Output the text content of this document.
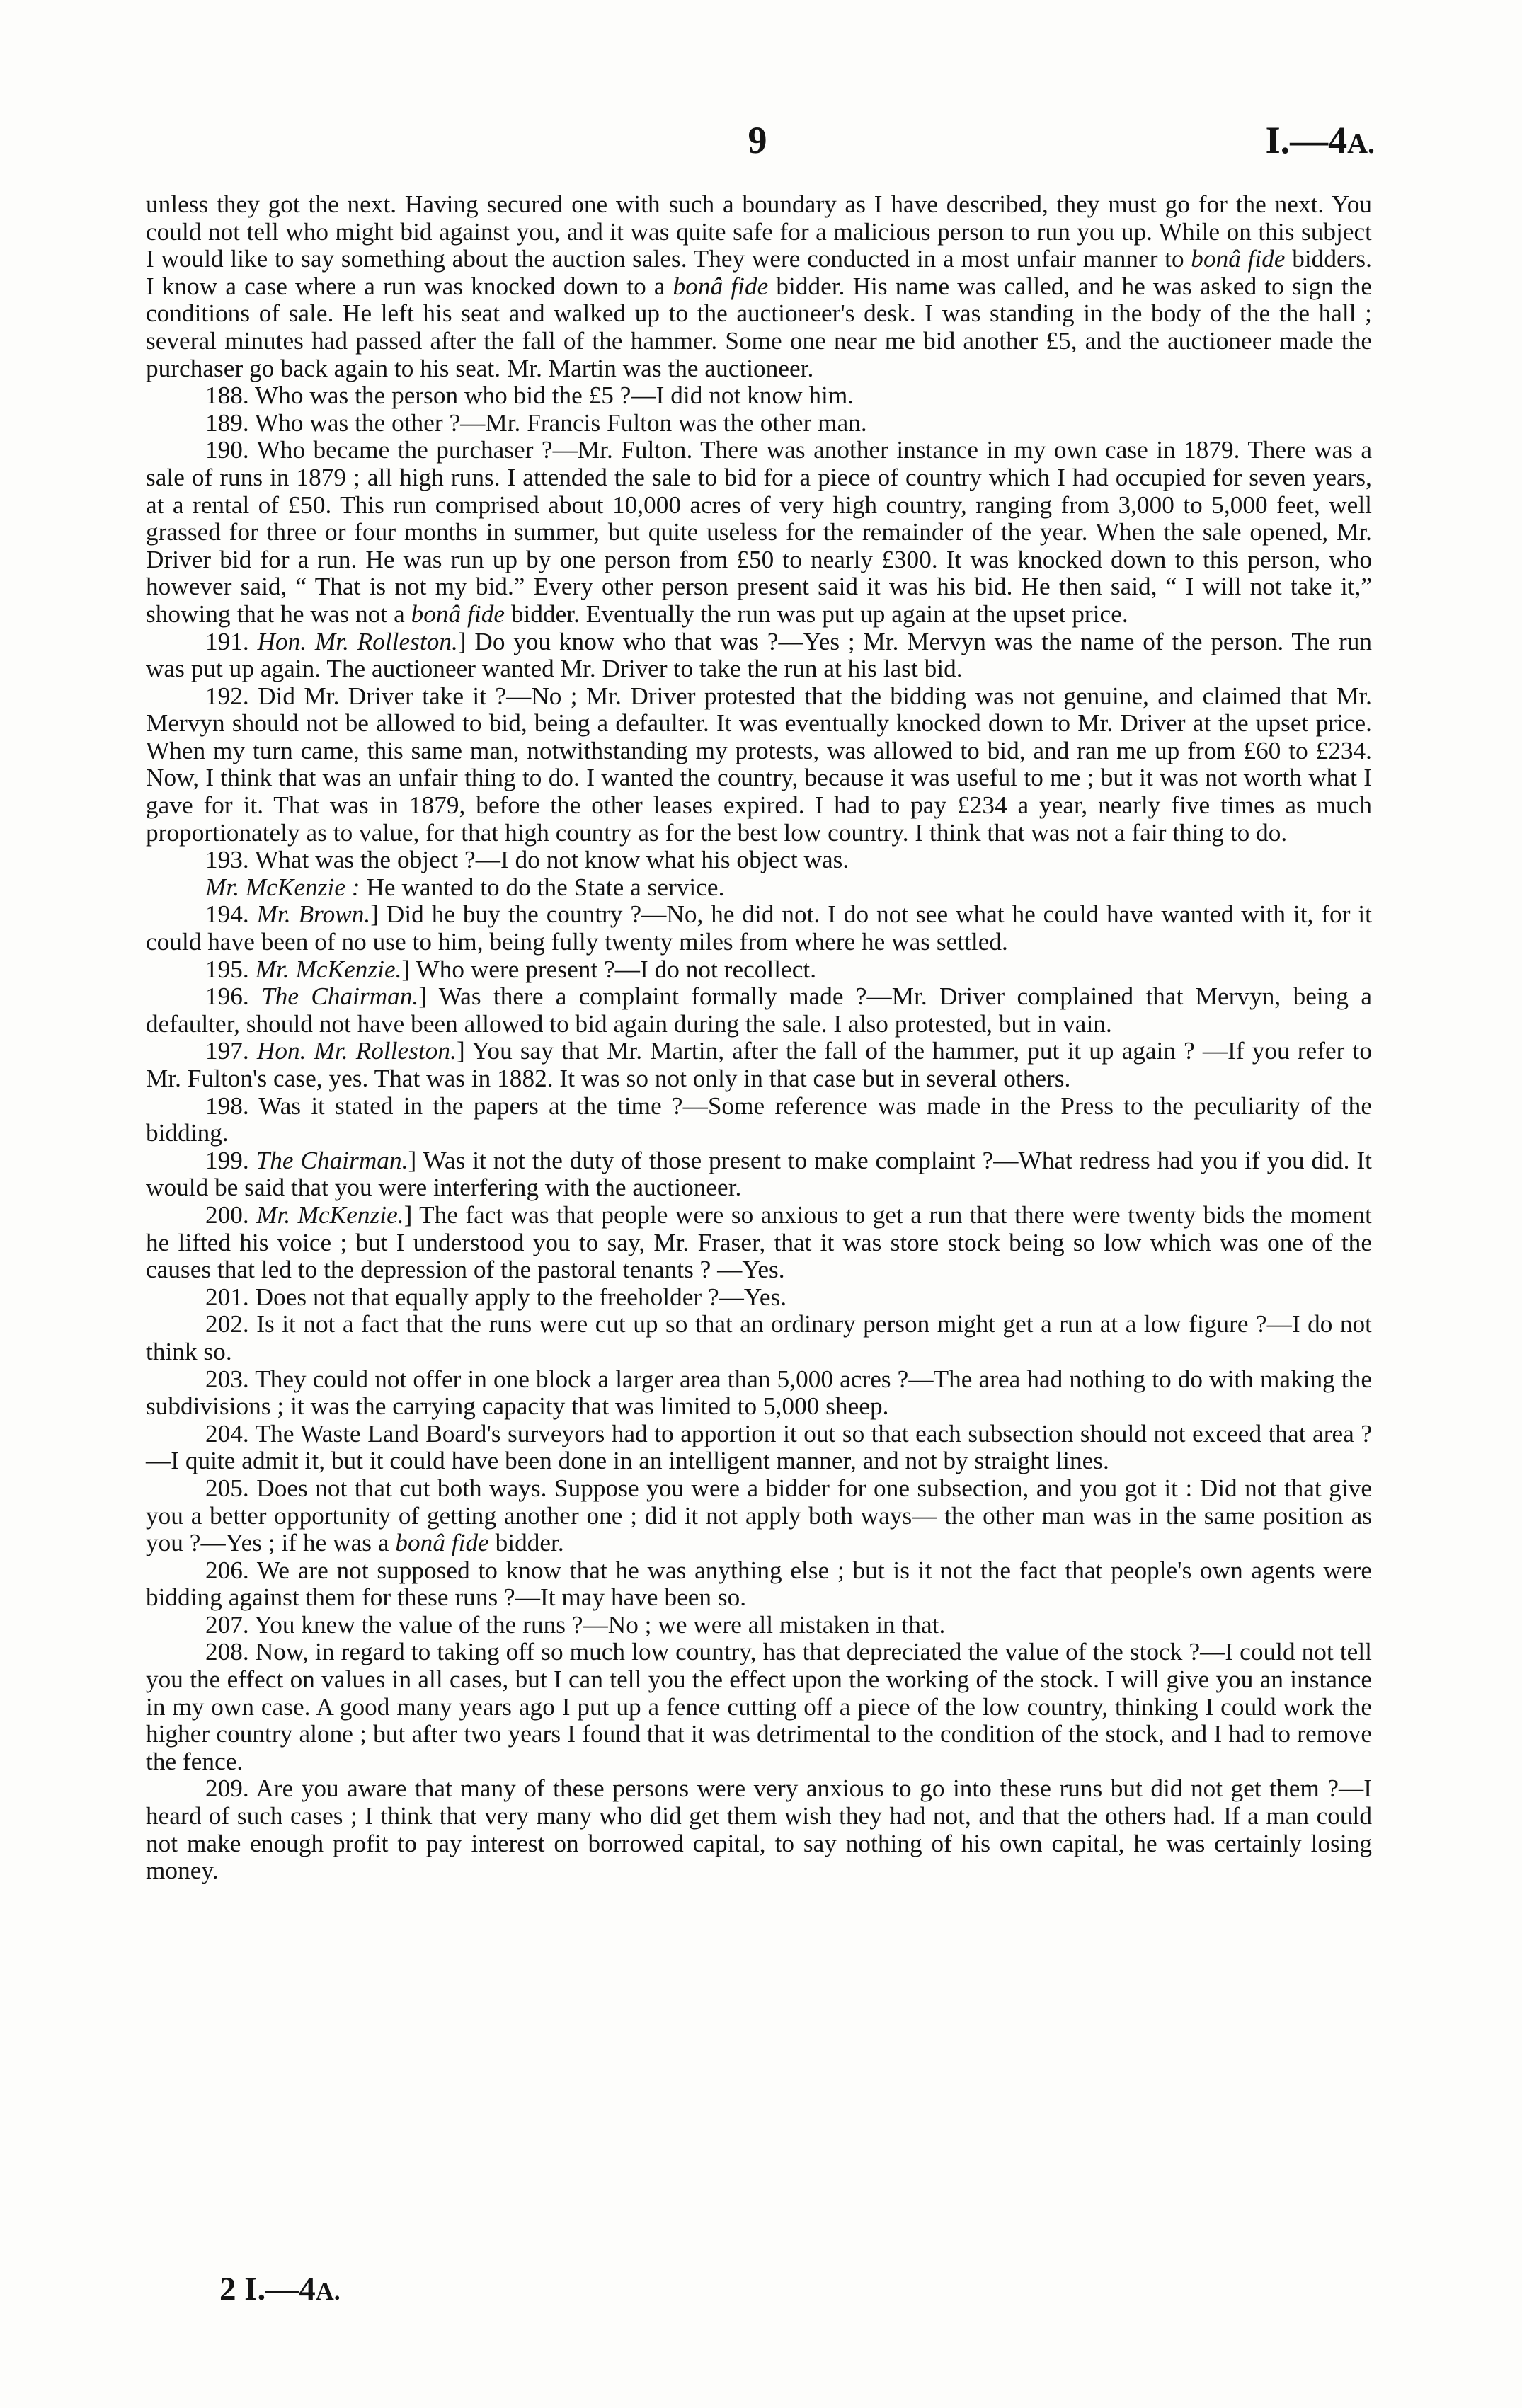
9	I.—4A.

unless they got the next. Having secured one with such a boundary as I have described, they must go for the next. You could not tell who might bid against you, and it was quite safe for a malicious person to run you up. While on this subject I would like to say something about the auction sales. They were conducted in a most unfair manner to bonâ fide bidders. I know a case where a run was knocked down to a bonâ fide bidder. His name was called, and he was asked to sign the conditions of sale. He left his seat and walked up to the auctioneer's desk. I was standing in the body of the the hall ; several minutes had passed after the fall of the hammer. Some one near me bid another £5, and the auctioneer made the purchaser go back again to his seat. Mr. Martin was the auctioneer.

188. Who was the person who bid the £5 ?—I did not know him.

189. Who was the other ?—Mr. Francis Fulton was the other man.

190. Who became the purchaser ?—Mr. Fulton. There was another instance in my own case in 1879. There was a sale of runs in 1879 ; all high runs. I attended the sale to bid for a piece of country which I had occupied for seven years, at a rental of £50. This run comprised about 10,000 acres of very high country, ranging from 3,000 to 5,000 feet, well grassed for three or four months in summer, but quite useless for the remainder of the year. When the sale opened, Mr. Driver bid for a run. He was run up by one person from £50 to nearly £300. It was knocked down to this person, who however said, “ That is not my bid.” Every other person present said it was his bid. He then said, “ I will not take it,” showing that he was not a bonâ fide bidder. Eventually the run was put up again at the upset price.

191. Hon. Mr. Rolleston.] Do you know who that was ?—Yes ; Mr. Mervyn was the name of the person. The run was put up again. The auctioneer wanted Mr. Driver to take the run at his last bid.

192. Did Mr. Driver take it ?—No ; Mr. Driver protested that the bidding was not genuine, and claimed that Mr. Mervyn should not be allowed to bid, being a defaulter. It was eventually knocked down to Mr. Driver at the upset price. When my turn came, this same man, notwithstanding my protests, was allowed to bid, and ran me up from £60 to £234. Now, I think that was an unfair thing to do. I wanted the country, because it was useful to me ; but it was not worth what I gave for it. That was in 1879, before the other leases expired. I had to pay £234 a year, nearly five times as much proportionately as to value, for that high country as for the best low country. I think that was not a fair thing to do.

193. What was the object ?—I do not know what his object was.

Mr. McKenzie : He wanted to do the State a service.

194. Mr. Brown.] Did he buy the country ?—No, he did not. I do not see what he could have wanted with it, for it could have been of no use to him, being fully twenty miles from where he was settled.

195. Mr. McKenzie.] Who were present ?—I do not recollect.

196. The Chairman.] Was there a complaint formally made ?—Mr. Driver complained that Mervyn, being a defaulter, should not have been allowed to bid again during the sale. I also protested, but in vain.

197. Hon. Mr. Rolleston.] You say that Mr. Martin, after the fall of the hammer, put it up again ? —If you refer to Mr. Fulton's case, yes. That was in 1882. It was so not only in that case but in several others.

198. Was it stated in the papers at the time ?—Some reference was made in the Press to the peculiarity of the bidding.

199. The Chairman.] Was it not the duty of those present to make complaint ?—What redress had you if you did. It would be said that you were interfering with the auctioneer.

200. Mr. McKenzie.] The fact was that people were so anxious to get a run that there were twenty bids the moment he lifted his voice ; but I understood you to say, Mr. Fraser, that it was store stock being so low which was one of the causes that led to the depression of the pastoral tenants ? —Yes.

201. Does not that equally apply to the freeholder ?—Yes.

202. Is it not a fact that the runs were cut up so that an ordinary person might get a run at a low figure ?—I do not think so.

203. They could not offer in one block a larger area than 5,000 acres ?—The area had nothing to do with making the subdivisions ; it was the carrying capacity that was limited to 5,000 sheep.

204. The Waste Land Board's surveyors had to apportion it out so that each subsection should not exceed that area ?—I quite admit it, but it could have been done in an intelligent manner, and not by straight lines.

205. Does not that cut both ways. Suppose you were a bidder for one subsection, and you got it : Did not that give you a better opportunity of getting another one ; did it not apply both ways— the other man was in the same position as you ?—Yes ; if he was a bonâ fide bidder.

206. We are not supposed to know that he was anything else ; but is it not the fact that people's own agents were bidding against them for these runs ?—It may have been so.

207. You knew the value of the runs ?—No ; we were all mistaken in that.

208. Now, in regard to taking off so much low country, has that depreciated the value of the stock ?—I could not tell you the effect on values in all cases, but I can tell you the effect upon the working of the stock. I will give you an instance in my own case. A good many years ago I put up a fence cutting off a piece of the low country, thinking I could work the higher country alone ; but after two years I found that it was detrimental to the condition of the stock, and I had to remove the fence.

209. Are you aware that many of these persons were very anxious to go into these runs but did not get them ?—I heard of such cases ; I think that very many who did get them wish they had not, and that the others had. If a man could not make enough profit to pay interest on borrowed capital, to say nothing of his own capital, he was certainly losing money.

2 I.—4A.
